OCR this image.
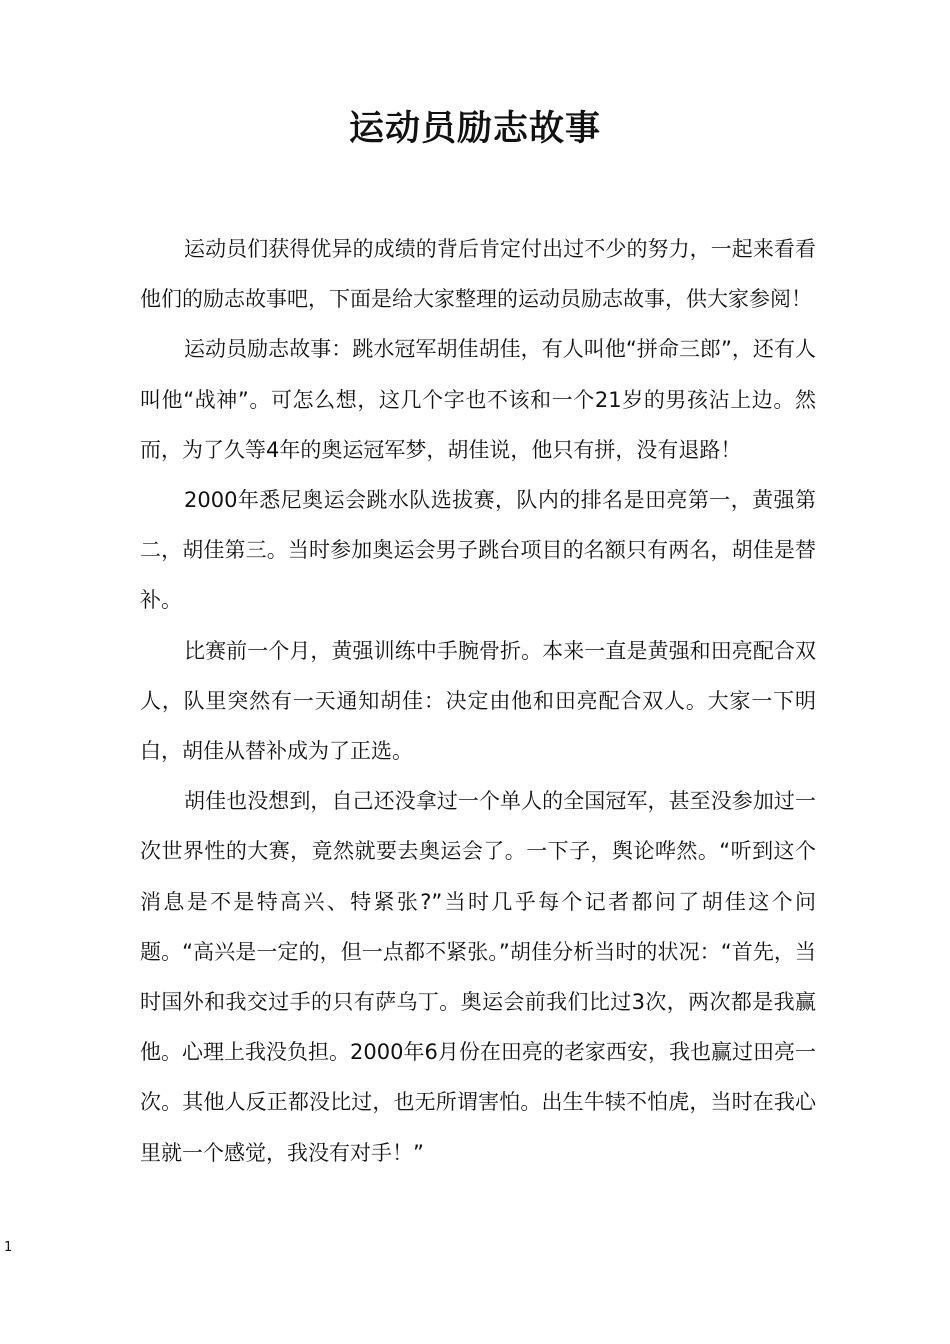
运动员励志故事

运动员们获得优异的成绩的背后肯定付出过不少的努力，一起来看看他们的励志故事吧，下面是给大家整理的运动员励志故事，供大家参阅！

运动员励志故事：跳水冠军胡佳胡佳，有人叫他“拼命三郎”，还有人叫他“战神”。可怎么想，这几个字也不该和一个21岁的男孩沾上边。然而，为了久等4年的奥运冠军梦，胡佳说，他只有拼，没有退路！

2000年悉尼奥运会跳水队选拔赛，队内的排名是田亮第一，黄强第二，胡佳第三。当时参加奥运会男子跳台项目的名额只有两名，胡佳是替补。

比赛前一个月，黄强训练中手腕骨折。本来一直是黄强和田亮配合双人，队里突然有一天通知胡佳：决定由他和田亮配合双人。大家一下明白，胡佳从替补成为了正选。

胡佳也没想到，自己还没拿过一个单人的全国冠军，甚至没参加过一次世界性的大赛，竟然就要去奥运会了。一下子，舆论哗然。“听到这个消息是不是特高兴、特紧张?”当时几乎每个记者都问了胡佳这个问题。“高兴是一定的，但一点都不紧张。”胡佳分析当时的状况：“首先，当时国外和我交过手的只有萨乌丁。奥运会前我们比过3次，两次都是我赢他。心理上我没负担。2000年6月份在田亮的老家西安，我也赢过田亮一次。其他人反正都没比过，也无所谓害怕。出生牛犊不怕虎，当时在我心里就一个感觉，我没有对手！”

1
